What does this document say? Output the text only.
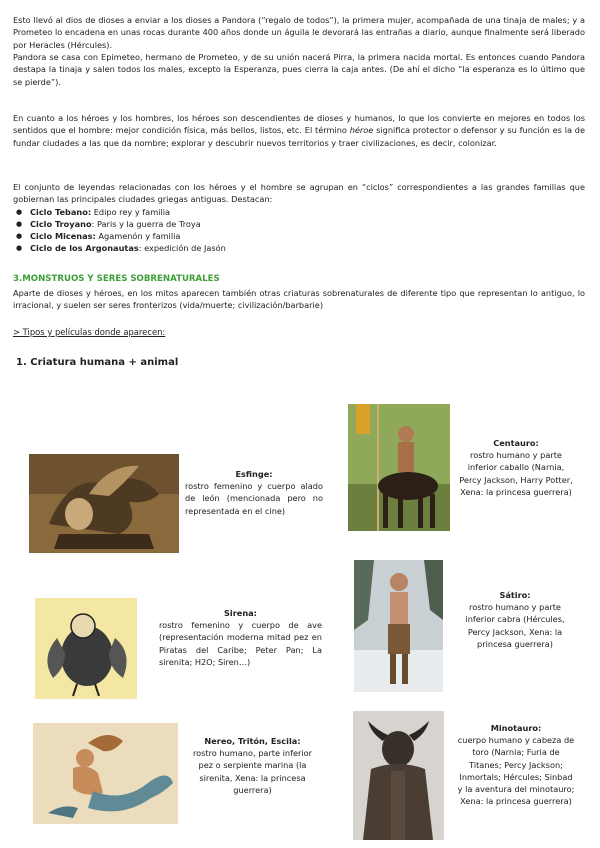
Esto llevó al dios de dioses a enviar a los dioses a Pandora (“regalo de todos”), la primera mujer, acompañada de una tinaja de males; y a Prometeo lo encadena en unas rocas durante 400 años donde un águila le devorará las entrañas a diario, aunque finalmente será liberado por Heracles (Hércules).

Pandora se casa con Epimeteo, hermano de Prometeo, y de su unión nacerá Pirra, la primera nacida mortal. Es entonces cuando Pandora destapa la tinaja y salen todos los males, excepto la Esperanza, pues cierra la caja antes. (De ahí el dicho “la esperanza es lo último que se pierde”).

En cuanto a los héroes y los hombres, los héroes son descendientes de dioses y humanos, lo que los convierte en mejores en todos los sentidos que el hombre: mejor condición física, más bellos, listos, etc. El término héroe significa protector o defensor y su función es la de fundar ciudades a las que da nombre; explorar y descubrir nuevos territorios y traer civilizaciones, es decir, colonizar.

El conjunto de leyendas relacionadas con los héroes y el hombre se agrupan en “ciclos” correspondientes a las grandes familias que gobiernan las principales ciudades griegas antiguas. Destacan:

● Ciclo Tebano: Edipo rey y familia
● Ciclo Troyano: Paris y la guerra de Troya
● Ciclo Micenas: Agamenón y familia
● Ciclo de los Argonautas: expedición de Jasón

3.MONSTRUOS Y SERES SOBRENATURALES

Aparte de dioses y héroes, en los mitos aparecen también otras criaturas sobrenaturales de diferente tipo que representan lo antiguo, lo irracional, y suelen ser seres fronterizos (vida/muerte; civilización/barbarie)

> Tipos y películas donde aparecen:

1. Criatura humana + animal

Esfinge:
rostro femenino y cuerpo alado de león (mencionada pero no representada en el cine)

Centauro:
rostro humano y parte inferior caballo (Narnia, Percy Jackson, Harry Potter, Xena: la princesa guerrera)

Sirena:
rostro femenino y cuerpo de ave (representación moderna mitad pez en Piratas del Caribe; Peter Pan; La sirenita; H2O; Siren…)

Sátiro:
rostro humano y parte inferior cabra (Hércules, Percy Jackson, Xena: la princesa guerrera)

Nereo, Tritón, Escila:
rostro humano, parte inferior pez o serpiente marina (la sirenita, Xena: la princesa guerrera)

Minotauro:
cuerpo humano y cabeza de toro (Narnia; Furia de Titanes; Percy Jackson; Inmortals; Hércules; Sinbad y la aventura del minotauro; Xena: la princesa guerrera)
